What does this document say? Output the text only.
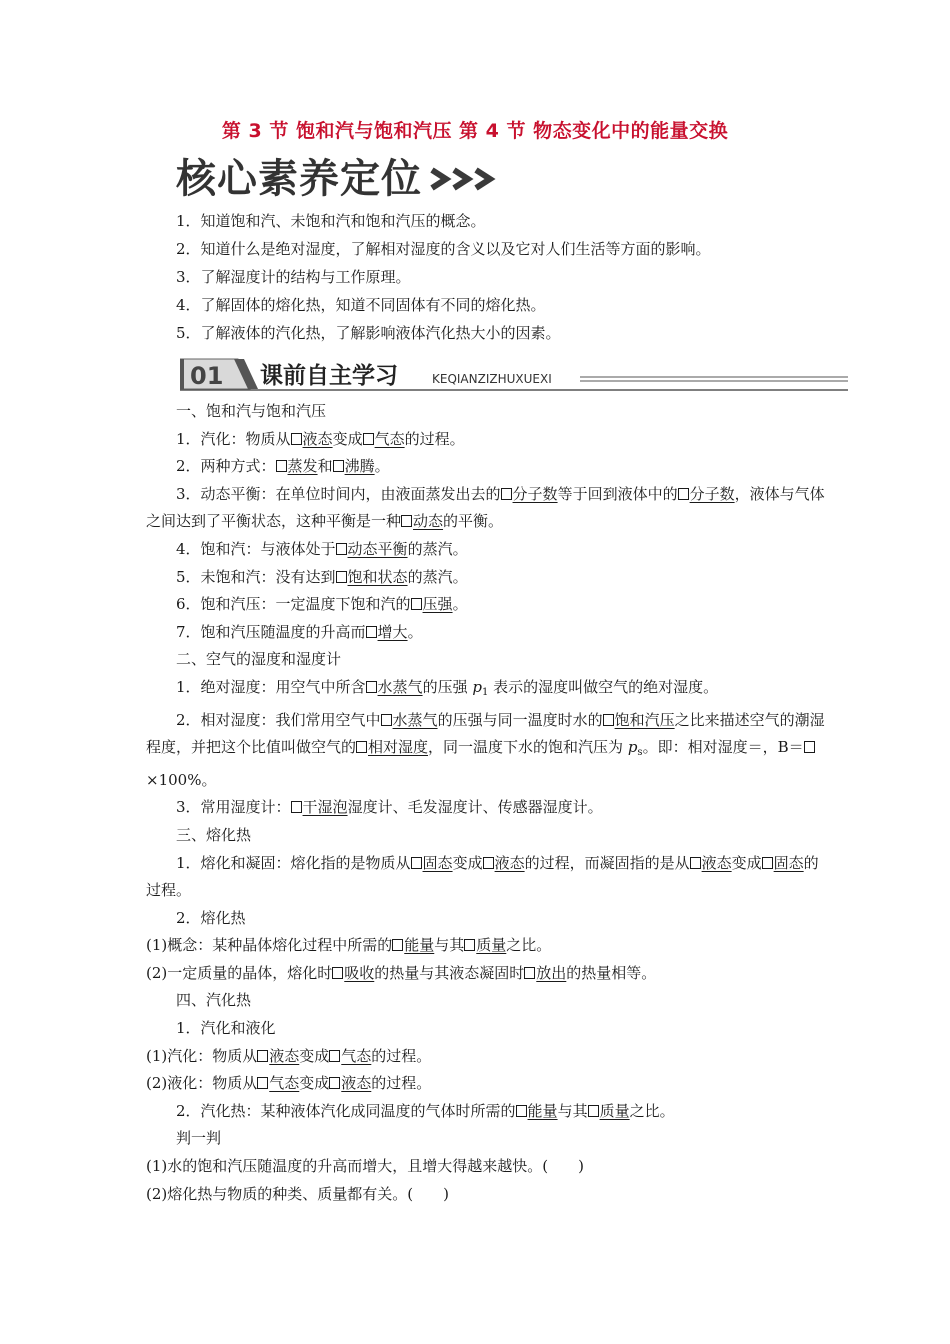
第 3 节 饱和汽与饱和汽压 第 4 节 物态变化中的能量交换
核心素养定位
1．知道饱和汽、未饱和汽和饱和汽压的概念。
2．知道什么是绝对湿度，了解相对湿度的含义以及它对人们生活等方面的影响。
3．了解湿度计的结构与工作原理。
4．了解固体的熔化热，知道不同固体有不同的熔化热。
5．了解液体的汽化热，了解影响液体汽化热大小的因素。
01 课前自主学习	KEQIANZIZHUXUEXI
一、饱和汽与饱和汽压
1．汽化：物质从 液态变成 气态的过程。
2．两种方式： 蒸发和 沸腾。
3．动态平衡：在单位时间内，由液面蒸发出去的 分子数等于回到液体中的 分子数，液体与气体之间达到了平衡状态，这种平衡是一种 动态的平衡。
4．饱和汽：与液体处于 动态平衡的蒸汽。
5．未饱和汽：没有达到 饱和状态的蒸汽。
6．饱和汽压：一定温度下饱和汽的 压强。
7．饱和汽压随温度的升高而 增大。
二、空气的湿度和湿度计
1．绝对湿度：用空气中所含 水蒸气的压强 $p_1$ 表示的湿度叫做空气的绝对湿度。
2．相对湿度：我们常用空气中 水蒸气的压强与同一温度时水的 饱和汽压之比来描述空气的潮湿程度，并把这个比值叫做空气的 相对湿度，同一温度下水的饱和汽压为 $p_s$。即：相对湿度＝，B＝×100%。
3．常用湿度计： 干湿泡湿度计、毛发湿度计、传感器湿度计。
三、熔化热
1．熔化和凝固：熔化指的是物质从 固态变成 液态的过程，而凝固指的是从 液态变成 固态的过程。
2．熔化热
(1)概念：某种晶体熔化过程中所需的 能量与其 质量之比。
(2)一定质量的晶体，熔化时 吸收的热量与其液态凝固时 放出的热量相等。
四、汽化热
1．汽化和液化
(1)汽化：物质从 液态变成 气态的过程。
(2)液化：物质从 气态变成 液态的过程。
2．汽化热：某种液体汽化成同温度的气体时所需的 能量与其 质量之比。
判一判
(1)水的饱和汽压随温度的升高而增大，且增大得越来越快。(　　)
(2)熔化热与物质的种类、质量都有关。(　　)
